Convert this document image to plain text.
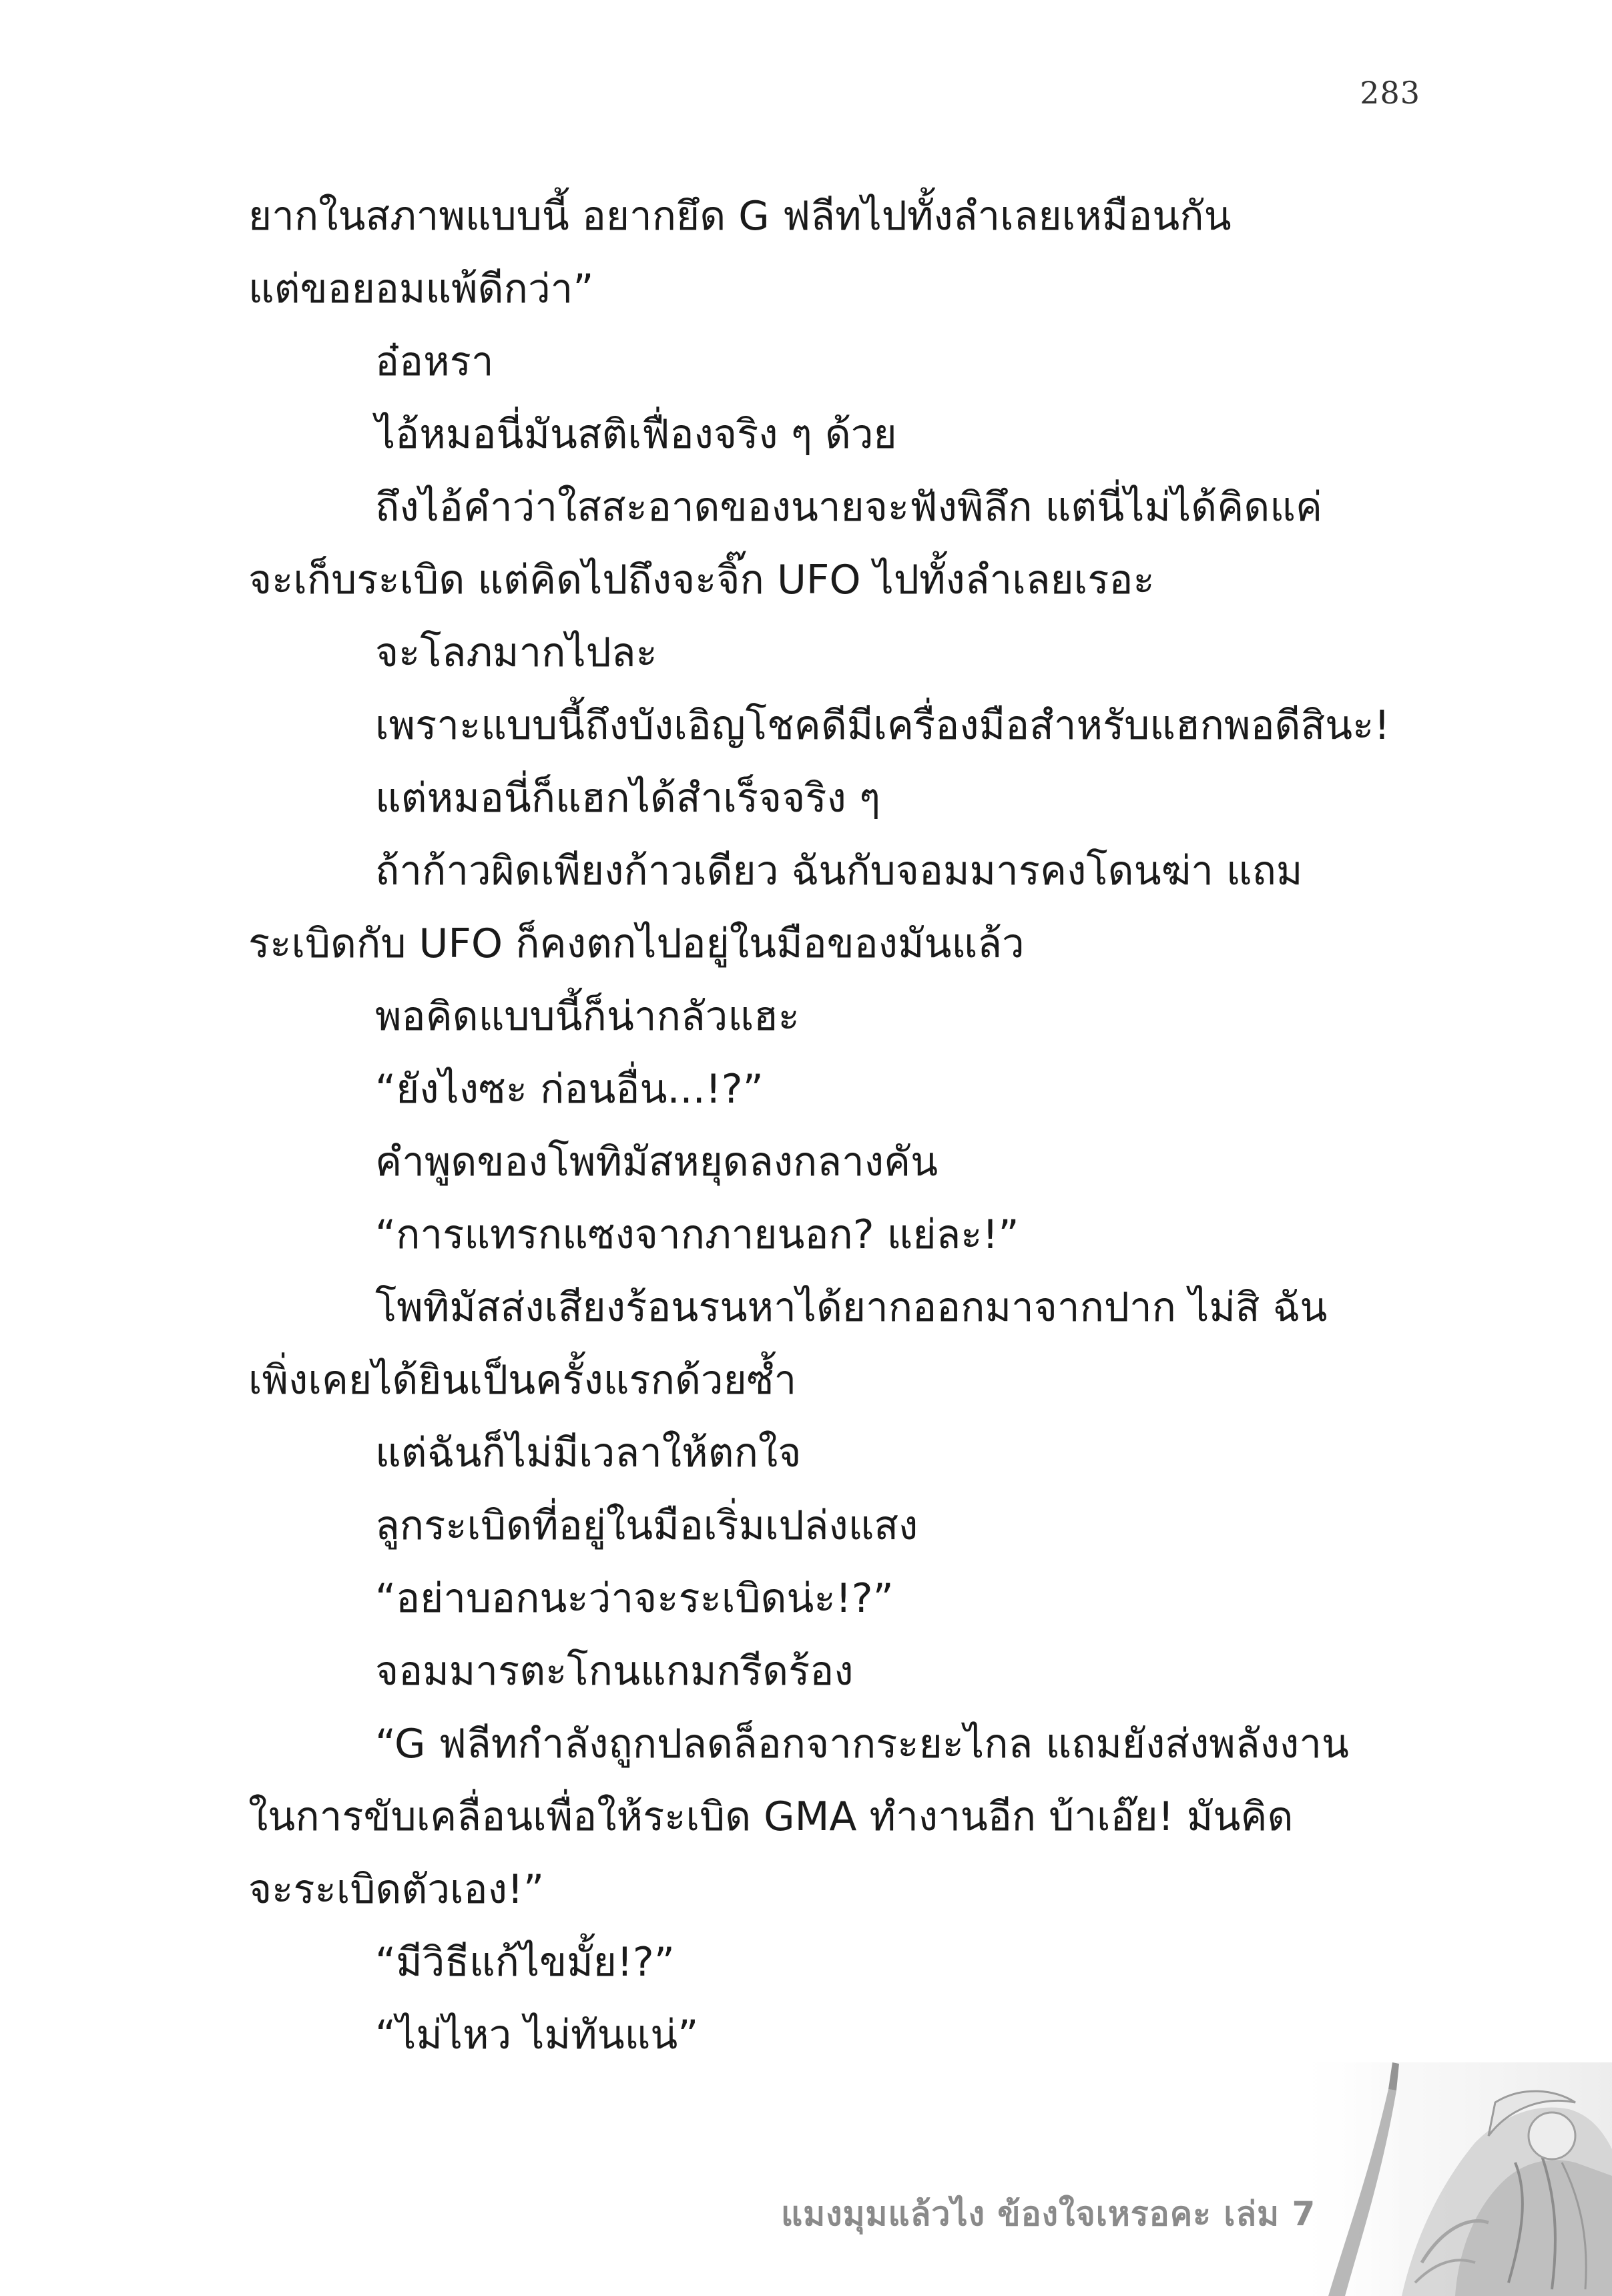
283

ยากในสภาพแบบนี้ อยากยึด G ฟลีทไปทั้งลำเลยเหมือนกัน
แต่ขอยอมแพ้ดีกว่า”

อ๋อหรา

ไอ้หมอนี่มันสติเฟื่องจริง ๆ ด้วย

ถึงไอ้คำว่าใสสะอาดของนายจะฟังพิลึก แต่นี่ไม่ได้คิดแค่
จะเก็บระเบิด แต่คิดไปถึงจะจิ๊ก UFO ไปทั้งลำเลยเรอะ

จะโลภมากไปละ

เพราะแบบนี้ถึงบังเอิญโชคดีมีเครื่องมือสำหรับแฮกพอดีสินะ!

แต่หมอนี่ก็แฮกได้สำเร็จจริง ๆ

ถ้าก้าวผิดเพียงก้าวเดียว ฉันกับจอมมารคงโดนฆ่า แถม
ระเบิดกับ UFO ก็คงตกไปอยู่ในมือของมันแล้ว

พอคิดแบบนี้ก็น่ากลัวแฮะ

“ยังไงซะ ก่อนอื่น...!?”

คำพูดของโพทิมัสหยุดลงกลางคัน

“การแทรกแซงจากภายนอก? แย่ละ!”

โพทิมัสส่งเสียงร้อนรนหาได้ยากออกมาจากปาก ไม่สิ ฉัน
เพิ่งเคยได้ยินเป็นครั้งแรกด้วยซ้ำ

แต่ฉันก็ไม่มีเวลาให้ตกใจ

ลูกระเบิดที่อยู่ในมือเริ่มเปล่งแสง

“อย่าบอกนะว่าจะระเบิดน่ะ!?”

จอมมารตะโกนแกมกรีดร้อง

“G ฟลีทกำลังถูกปลดล็อกจากระยะไกล แถมยังส่งพลังงาน
ในการขับเคลื่อนเพื่อให้ระเบิด GMA ทำงานอีก บ้าเอ๊ย! มันคิด
จะระเบิดตัวเอง!”

“มีวิธีแก้ไขมั้ย!?”

“ไม่ไหว ไม่ทันแน่”

แมงมุมแล้วไง ข้องใจเหรอคะ เล่ม 7
